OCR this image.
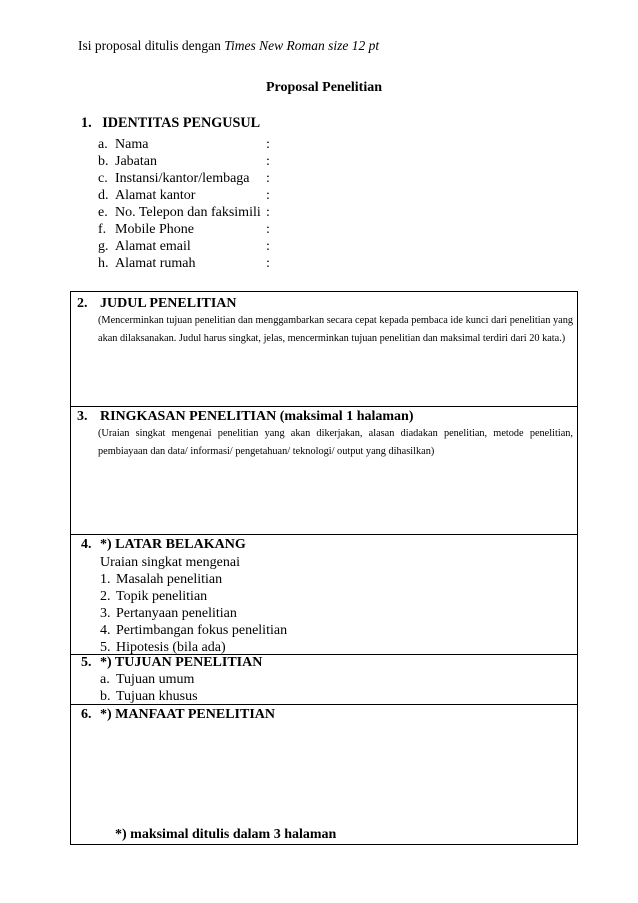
Isi proposal ditulis dengan Times New Roman size 12 pt
Proposal Penelitian
1. IDENTITAS PENGUSUL
a. Nama	:
b. Jabatan	:
c. Instansi/kantor/lembaga :
d. Alamat kantor	:
e. No. Telepon dan faksimili :
f. Mobile Phone	:
g. Alamat email	:
h. Alamat rumah	:
2. JUDUL PENELITIAN
(Mencerminkan tujuan penelitian dan menggambarkan secara cepat kepada pembaca ide kunci dari penelitian yang akan dilaksanakan. Judul harus singkat, jelas, mencerminkan tujuan penelitian dan maksimal terdiri dari 20 kata.)
3. RINGKASAN PENELITIAN (maksimal 1 halaman)
(Uraian singkat mengenai penelitian yang akan dikerjakan, alasan diadakan penelitian, metode penelitian, pembiayaan dan data/ informasi/ pengetahuan/ teknologi/ output yang dihasilkan)
4. *) LATAR BELAKANG
Uraian singkat mengenai
1. Masalah penelitian
2. Topik penelitian
3. Pertanyaan penelitian
4. Pertimbangan fokus penelitian
5. Hipotesis (bila ada)
5. *) TUJUAN PENELITIAN
a. Tujuan umum
b. Tujuan khusus
6. *) MANFAAT PENELITIAN
*) maksimal ditulis dalam 3 halaman
